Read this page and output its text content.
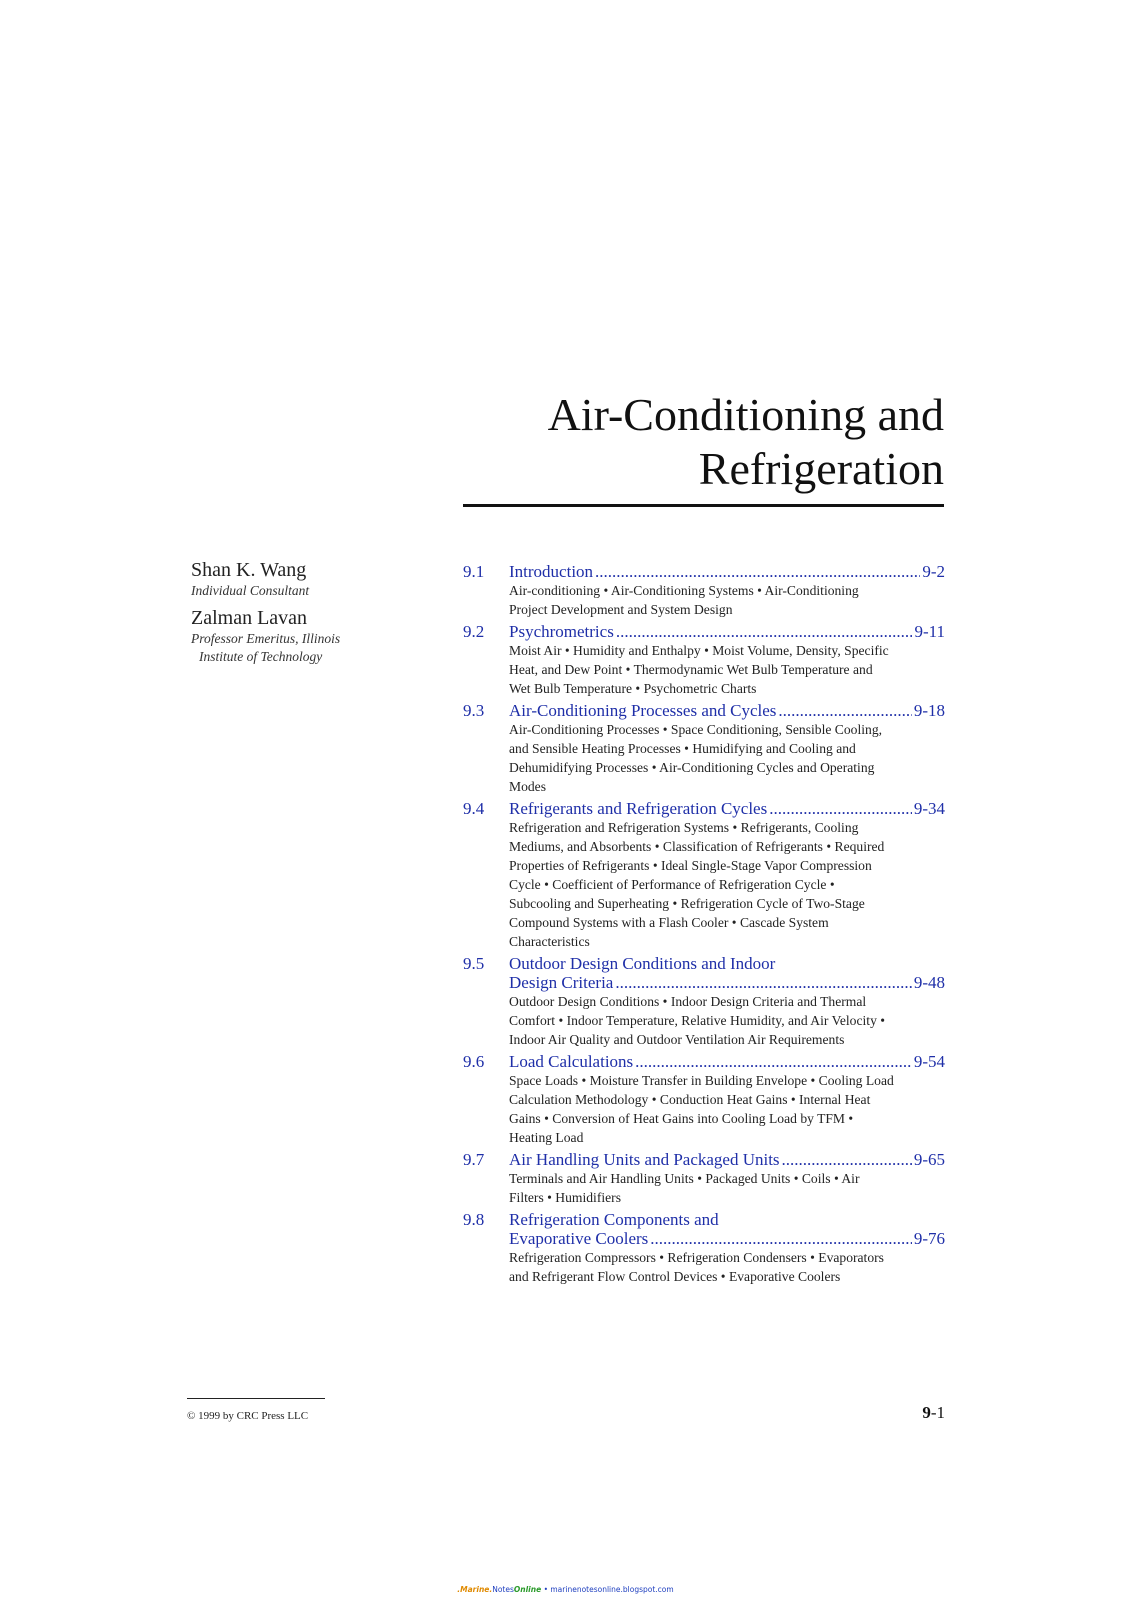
Air-Conditioning and
Refrigeration
Shan K. Wang
Individual Consultant
Zalman Lavan
Professor Emeritus, Illinois
Institute of Technology
9.1 Introduction .....	9-2
Air-conditioning • Air-Conditioning Systems • Air-Conditioning Project Development and System Design
9.2 Psychrometrics .....	9-11
Moist Air • Humidity and Enthalpy • Moist Volume, Density, Specific Heat, and Dew Point • Thermodynamic Wet Bulb Temperature and Wet Bulb Temperature • Psychometric Charts
9.3 Air-Conditioning Processes and Cycles .....	9-18
Air-Conditioning Processes • Space Conditioning, Sensible Cooling, and Sensible Heating Processes • Humidifying and Cooling and Dehumidifying Processes • Air-Conditioning Cycles and Operating Modes
9.4 Refrigerants and Refrigeration Cycles .....	9-34
Refrigeration and Refrigeration Systems • Refrigerants, Cooling Mediums, and Absorbents • Classification of Refrigerants • Required Properties of Refrigerants • Ideal Single-Stage Vapor Compression Cycle • Coefficient of Performance of Refrigeration Cycle • Subcooling and Superheating • Refrigeration Cycle of Two-Stage Compound Systems with a Flash Cooler • Cascade System Characteristics
9.5 Outdoor Design Conditions and Indoor
Design Criteria .....	9-48
Outdoor Design Conditions • Indoor Design Criteria and Thermal Comfort • Indoor Temperature, Relative Humidity, and Air Velocity • Indoor Air Quality and Outdoor Ventilation Air Requirements
9.6 Load Calculations .....	9-54
Space Loads • Moisture Transfer in Building Envelope • Cooling Load Calculation Methodology • Conduction Heat Gains • Internal Heat Gains • Conversion of Heat Gains into Cooling Load by TFM • Heating Load
9.7 Air Handling Units and Packaged Units .....	9-65
Terminals and Air Handling Units • Packaged Units • Coils • Air Filters • Humidifiers
9.8 Refrigeration Components and
Evaporative Coolers .....	9-76
Refrigeration Compressors • Refrigeration Condensers • Evaporators and Refrigerant Flow Control Devices • Evaporative Coolers
© 1999 by CRC Press LLC	9-1
.Marine.NotesOnline • marinenotesonline.blogspot.com
